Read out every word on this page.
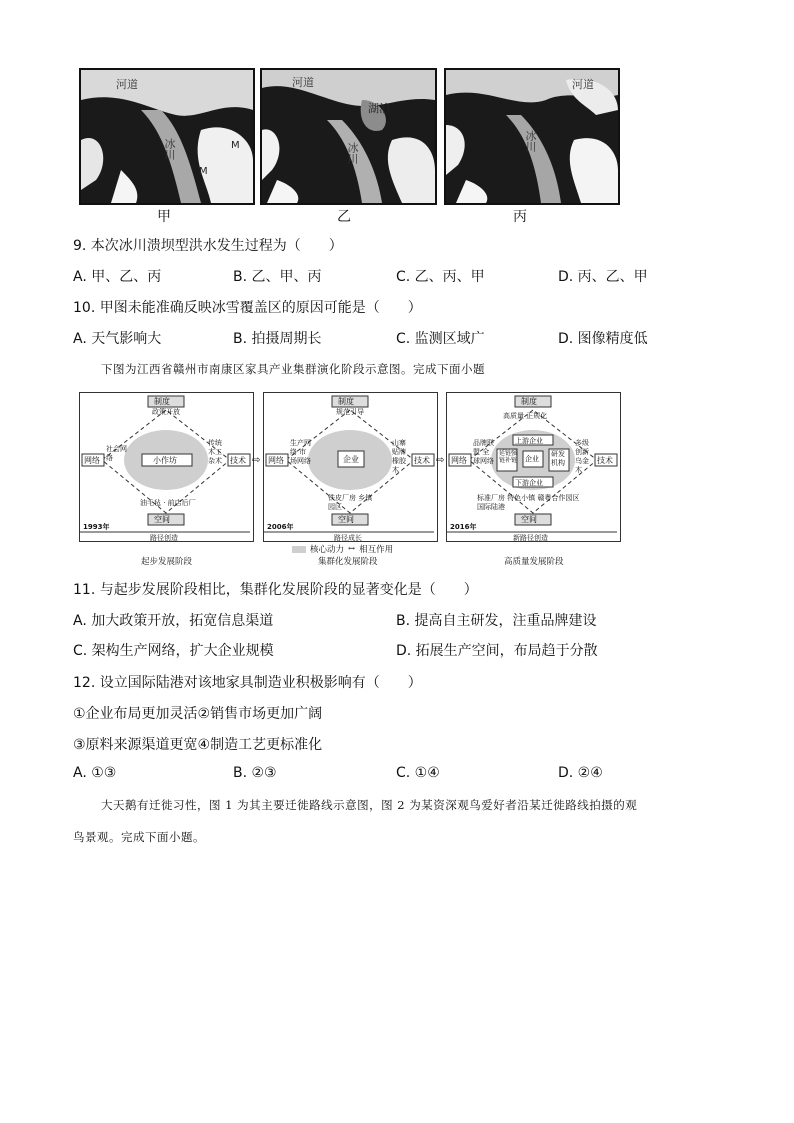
河道
冰川	M
M
河道
湖泊
冰川
河道
冰川
甲	乙	丙
9. 本次冰川溃坝型洪水发生过程为（　　）
A. 甲、乙、丙	B. 乙、甲、丙	C. 乙、丙、甲	D. 丙、乙、甲
10. 甲图未能准确反映冰雪覆盖区的原因可能是（　　）
A. 天气影响大	B. 拍摄周期长	C. 监测区域广	D. 图像精度低
下图为江西省赣州市南康区家具产业集群演化阶段示意图。完成下面小题
制度
空间
网络	技术
小作坊
政策开放
社会网络
传统木工杂术
油毛毡 · 前店后厂
1993年
路径创造
制度
空间
网络	技术
企业
规范引导
生产网络 市场网络
山寨贴牌橡胶木
铁皮厂房 乡镇园区
2006年
路径成长
制度
空间
网络	技术
企业
上游企业
下游企业
延链强链补链
研发机构
高质量 正规化
品牌联盟 全球网络
多级创新 乌金木
标准厂房 特色小镇 赣粤合作园区 国际陆港
2016年
新路径创造
⇨	⇨
核心动力 ↔ 相互作用
起步发展阶段	集群化发展阶段	高质量发展阶段
11. 与起步发展阶段相比，集群化发展阶段的显著变化是（　　）
A. 加大政策开放，拓宽信息渠道	B. 提高自主研发，注重品牌建设
C. 架构生产网络，扩大企业规模	D. 拓展生产空间，布局趋于分散
12. 设立国际陆港对该地家具制造业积极影响有（　　）
①企业布局更加灵活②销售市场更加广阔
③原料来源渠道更宽④制造工艺更标准化
A. ①③	B. ②③	C. ①④	D. ②④
大天鹅有迁徙习性，图 1 为其主要迁徙路线示意图，图 2 为某资深观鸟爱好者沿某迁徙路线拍摄的观
鸟景观。完成下面小题。
